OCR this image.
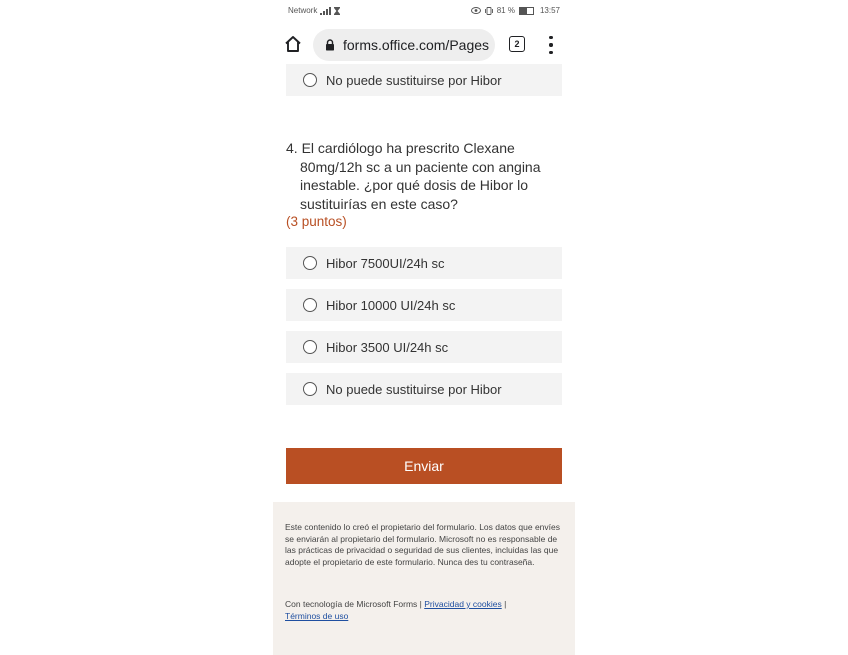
Network	81 %	13:57
forms.office.com/Pages	2
No puede sustituirse por Hibor
4. El cardiólogo ha prescrito Clexane 80mg/12h sc a un paciente con angina inestable. ¿por qué dosis de Hibor lo sustituirías en este caso?
(3 puntos)
Hibor 7500UI/24h sc
Hibor 10000 UI/24h sc
Hibor 3500 UI/24h sc
No puede sustituirse por Hibor
Enviar
Este contenido lo creó el propietario del formulario. Los datos que envíes se enviarán al propietario del formulario. Microsoft no es responsable de las prácticas de privacidad o seguridad de sus clientes, incluidas las que adopte el propietario de este formulario. Nunca des tu contraseña.
Con tecnología de Microsoft Forms | Privacidad y cookies |
Términos de uso
